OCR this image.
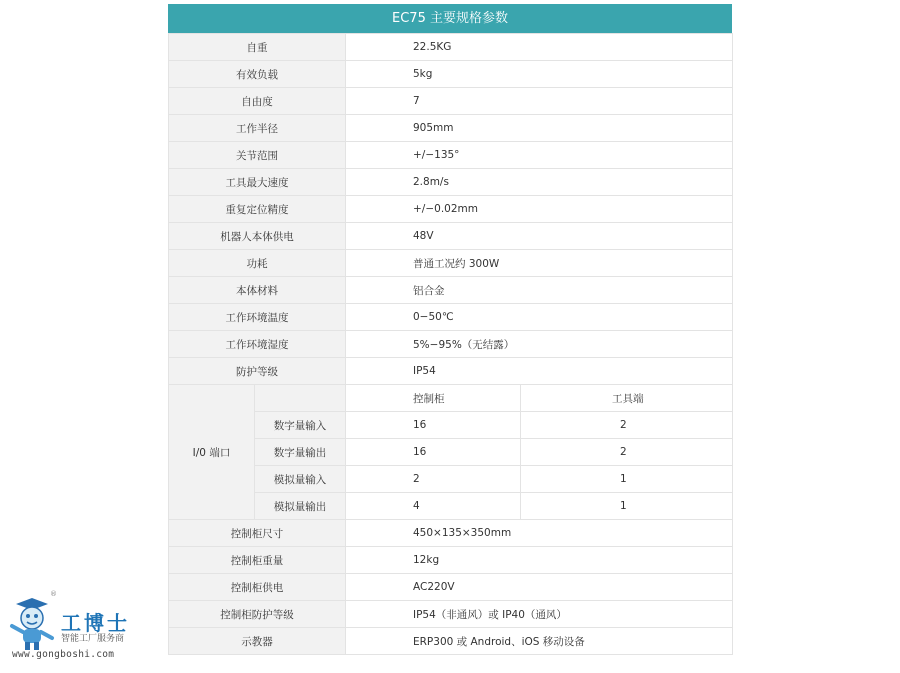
EC75 主要规格参数
自重		22.5KG	
有效负载		5kg	
自由度		7	
工作半径		905mm	
关节范围		+/−135°	
工具最大速度		2.8m/s	
重复定位精度		+/−0.02mm	
机器人本体供电		48V	
功耗		普通工况约 300W	
本体材料		铝合金	
工作环境温度		0−50℃	
工作环境湿度		5%−95%（无结露）	
防护等级		IP54	
I/0 端口		控制柜	工具端
	数字量输入	16	2
	数字量输出	16	2
	模拟量输入	2	1
	模拟量输出	4	1
控制柜尺寸		450×135×350mm	
控制柜重量		12kg	
控制柜供电		AC220V	
控制柜防护等级		IP54（非通风）或 IP40（通风）	
示教器		ERP300 或 Android、iOS 移动设备	
®
工博士
智能工厂服务商
www.gongboshi.com
